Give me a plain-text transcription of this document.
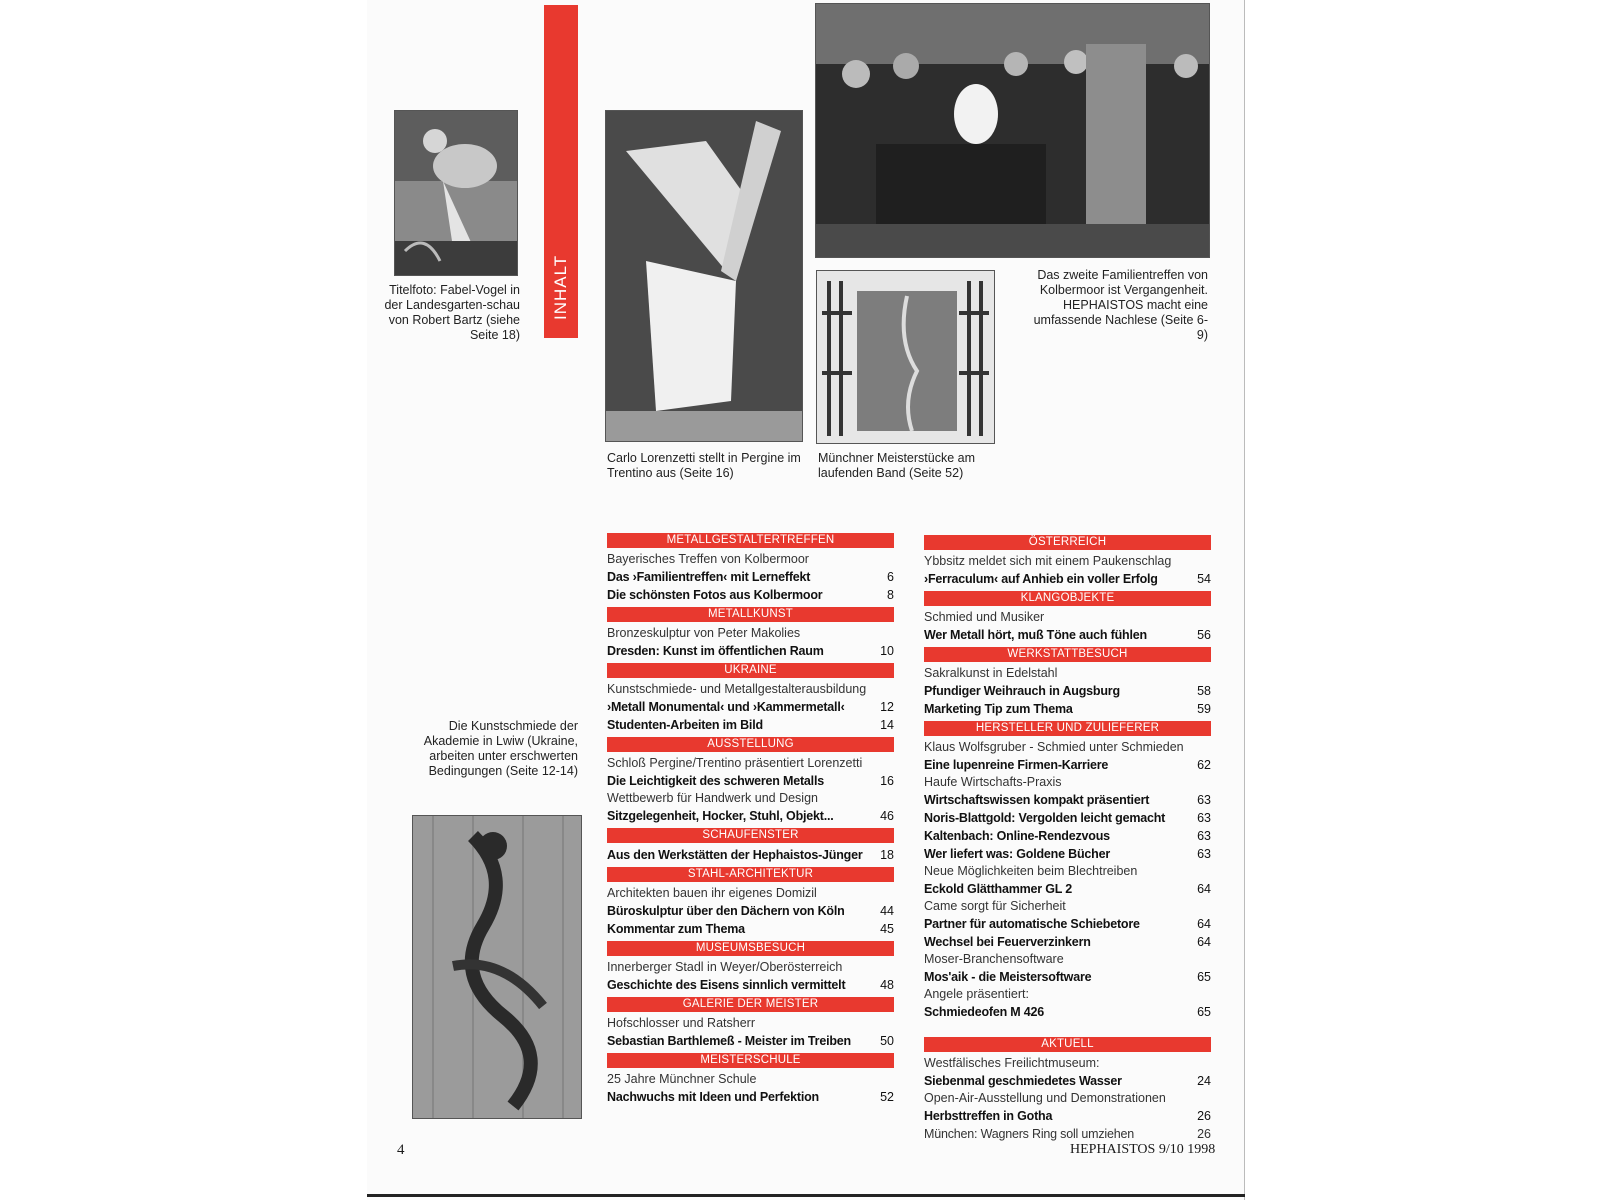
Titelfoto: Fabel-Vogel in der Landesgarten-schau von Robert Bartz (siehe Seite 18)
INHALT
Carlo Lorenzetti stellt in Pergine im Trentino aus (Seite 16)
Das zweite Familientreffen von Kolbermoor ist Vergangenheit. HEPHAISTOS macht eine umfassende Nachlese (Seite 6-9)
Münchner Meisterstücke am laufenden Band (Seite 52)
Die Kunstschmiede der Akademie in Lwiw (Ukraine, arbeiten unter erschwerten Bedingungen (Seite 12-14)
METALLGESTALTERTREFFEN
Bayerisches Treffen von Kolbermoor
Das ›Familientreffen‹ mit Lerneffekt	6
Die schönsten Fotos aus Kolbermoor	8
METALLKUNST
Bronzeskulptur von Peter Makolies
Dresden: Kunst im öffentlichen Raum	10
UKRAINE
Kunstschmiede- und Metallgestalterausbildung
›Metall Monumental‹ und ›Kammermetall‹	12
Studenten-Arbeiten im Bild	14
AUSSTELLUNG
Schloß Pergine/Trentino präsentiert Lorenzetti
Die Leichtigkeit des schweren Metalls	16
Wettbewerb für Handwerk und Design
Sitzgelegenheit, Hocker, Stuhl, Objekt...	46
SCHAUFENSTER
Aus den Werkstätten der Hephaistos-Jünger	18
STAHL-ARCHITEKTUR
Architekten bauen ihr eigenes Domizil
Büroskulptur über den Dächern von Köln	44
Kommentar zum Thema	45
MUSEUMSBESUCH
Innerberger Stadl in Weyer/Oberösterreich
Geschichte des Eisens sinnlich vermittelt	48
GALERIE DER MEISTER
Hofschlosser und Ratsherr
Sebastian Barthlemeß - Meister im Treiben	50
MEISTERSCHULE
25 Jahre Münchner Schule
Nachwuchs mit Ideen und Perfektion	52
ÖSTERREICH
Ybbsitz meldet sich mit einem Paukenschlag
›Ferraculum‹ auf Anhieb ein voller Erfolg	54
KLANGOBJEKTE
Schmied und Musiker
Wer Metall hört, muß Töne auch fühlen	56
WERKSTATTBESUCH
Sakralkunst in Edelstahl
Pfundiger Weihrauch in Augsburg	58
Marketing Tip zum Thema	59
HERSTELLER UND ZULIEFERER
Klaus Wolfsgruber - Schmied unter Schmieden
Eine lupenreine Firmen-Karriere	62
Haufe Wirtschafts-Praxis
Wirtschaftswissen kompakt präsentiert	63
Noris-Blattgold: Vergolden leicht gemacht	63
Kaltenbach: Online-Rendezvous	63
Wer liefert was: Goldene Bücher	63
Neue Möglichkeiten beim Blechtreiben
Eckold Glätthammer GL 2	64
Came sorgt für Sicherheit
Partner für automatische Schiebetore	64
Wechsel bei Feuerverzinkern	64
Moser-Branchensoftware
Mos'aik - die Meistersoftware	65
Angele präsentiert:
Schmiedeofen M 426	65
AKTUELL
Westfälisches Freilichtmuseum:
Siebenmal geschmiedetes Wasser	24
Open-Air-Ausstellung und Demonstrationen
Herbsttreffen in Gotha	26
München: Wagners Ring soll umziehen	26
4	HEPHAISTOS 9/10 1998
